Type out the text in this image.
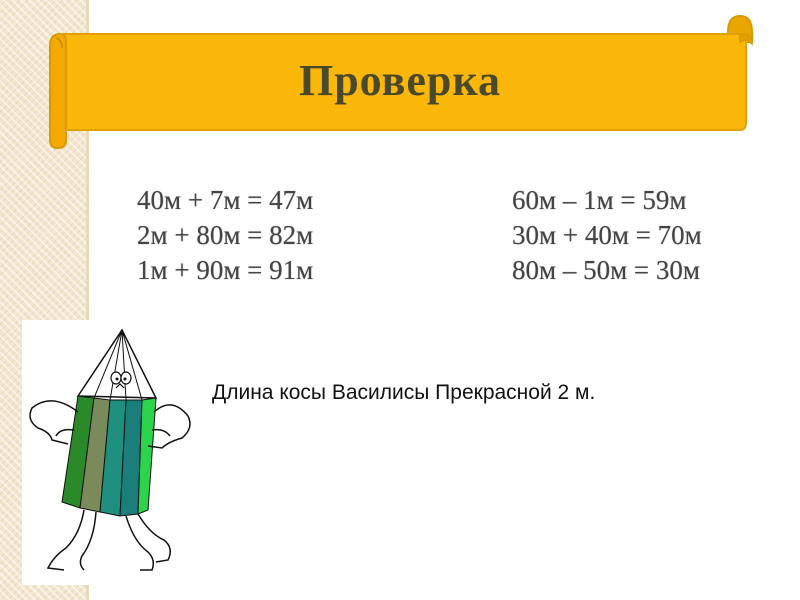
Проверка
40м + 7м = 47м
2м + 80м = 82м
1м + 90м = 91м
60м – 1м = 59м
30м + 40м = 70м
80м – 50м = 30м
Длина косы Василисы Прекрасной 2 м.
